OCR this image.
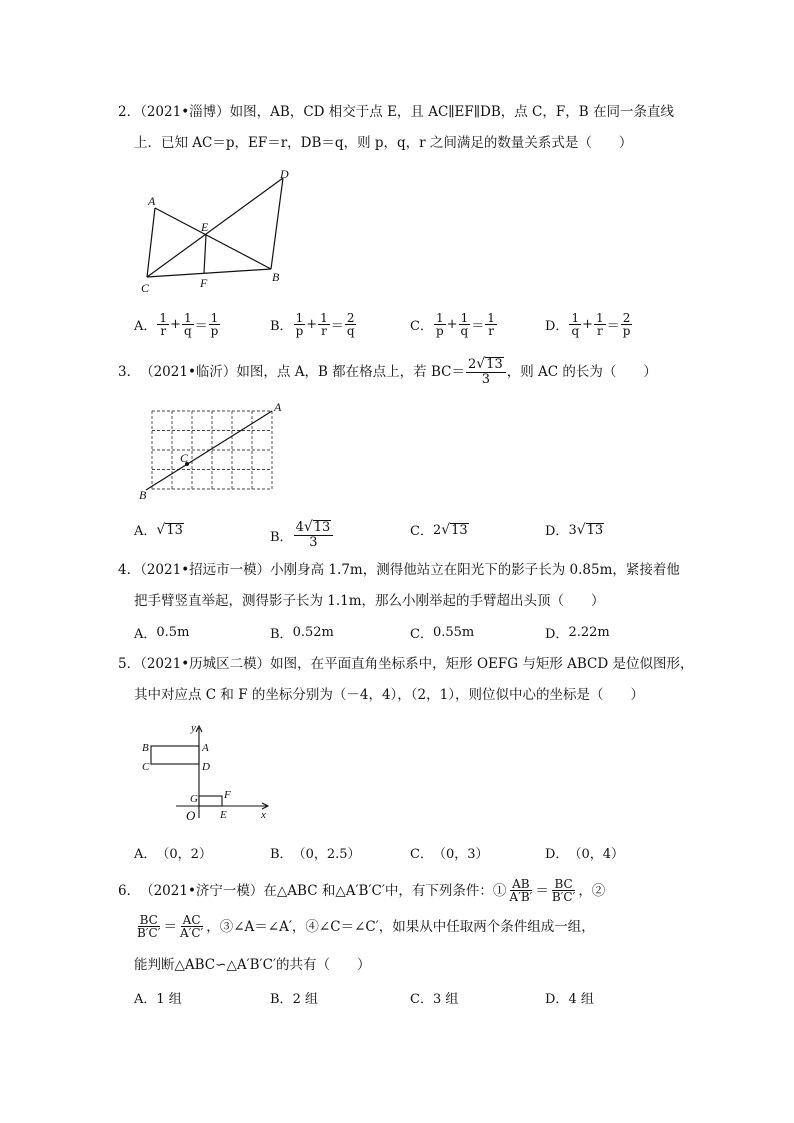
2．（2021•淄博）如图，AB，CD 相交于点 E，且 AC∥EF∥DB，点 C，F，B 在同一条直线
上．已知 AC＝p，EF＝r，DB＝q，则 p，q，r 之间满足的数量关系式是（　　）
A
D
E
C	F	B
A． $\frac{1}{r} + \frac{1}{q} = \frac{1}{p}$	B． $\frac{1}{p} + \frac{1}{r} = \frac{2}{q}$	C． $\frac{1}{p} + \frac{1}{q} = \frac{1}{r}$	D． $\frac{1}{q} + \frac{1}{r} = \frac{2}{p}$
3 ． （2021•临沂） 如图，点 A，B 都在格点上，若 $BC= \frac{2√13}{3}$ ，则 AC 的长为（　　）
A
C
B
A． √13	B． $\frac{4√13}{3}$	C． 2√13	D． 3√13
4．（2021•招远市一模）小刚身高 1.7m，测得他站立在阳光下的影子长为 0.85m，紧接着他
把手臂竖直举起，测得影子长为 1.1m，那么小刚举起的手臂超出头顶（　　）
A． 0.5m	B． 0.52m	C． 0.55m	D． 2.22m
5．（2021•历城区二模）如图，在平面直角坐标系中，矩形 OEFG 与矩形 ABCD 是位似图形，
其中对应点 C 和 F 的坐标分别为（－4，4），（2，1），则位似中心的坐标是（　　）
y
B	A
C	D
G F
O E	x
A． （0，2）	B． （0，2.5）	C． （0，3）	D． （0，4）
6 ． （2021•济宁一模） 在△ABC 和△A′B′C′中，有下列条件：① $\frac{AB}{A'B'} = \frac{BC}{B'C'}$ ，②
$\frac{BC}{B'C'} = \frac{AC}{A'C'}$ ，③∠A＝∠A′，④∠C＝∠C′，如果从中任取两个条件组成一组，
能判断△ABC∽△A′B′C′的共有（　　）
A． 1 组	B． 2 组	C． 3 组	D． 4 组
